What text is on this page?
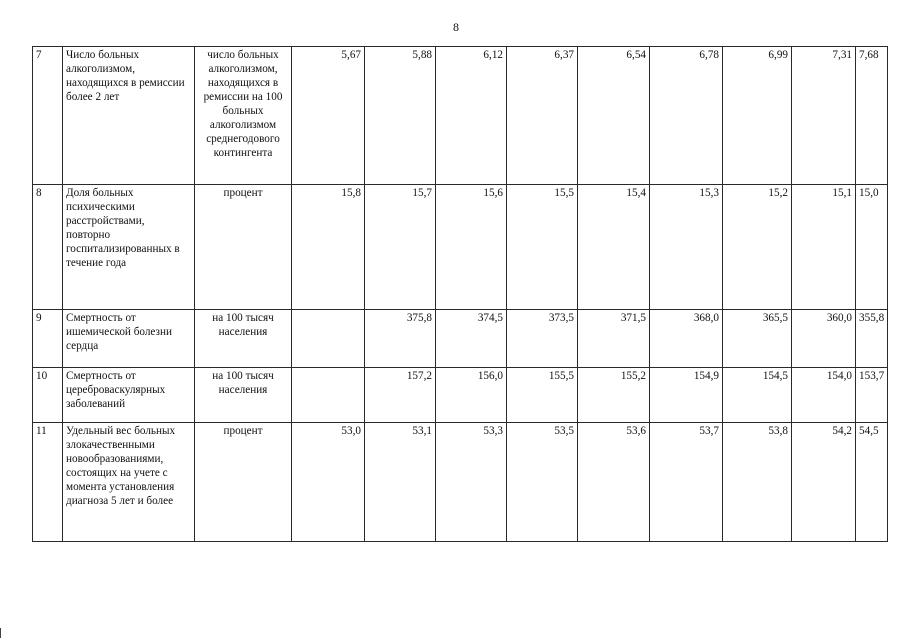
8
7	Число больных алкоголизмом, находящихся в ремиссии более 2 лет	число больных алкоголизмом, находящихся в ремиссии на 100 больных алкоголизмом среднегодового контингента	5,67	5,88	6,12	6,37	6,54	6,78	6,99	7,31	7,68
8	Доля больных психическими расстройствами, повторно госпитализированных в течение года	процент	15,8	15,7	15,6	15,5	15,4	15,3	15,2	15,1	15,0
9	Смертность от ишемической болезни сердца	на 100 тысяч населения		375,8	374,5	373,5	371,5	368,0	365,5	360,0	355,8
10	Смертность от цереброваскулярных заболеваний	на 100 тысяч населения		157,2	156,0	155,5	155,2	154,9	154,5	154,0	153,7
11	Удельный вес больных злокачественными новообразованиями, состоящих на учете с момента установления диагноза 5 лет и более	процент	53,0	53,1	53,3	53,5	53,6	53,7	53,8	54,2	54,5
